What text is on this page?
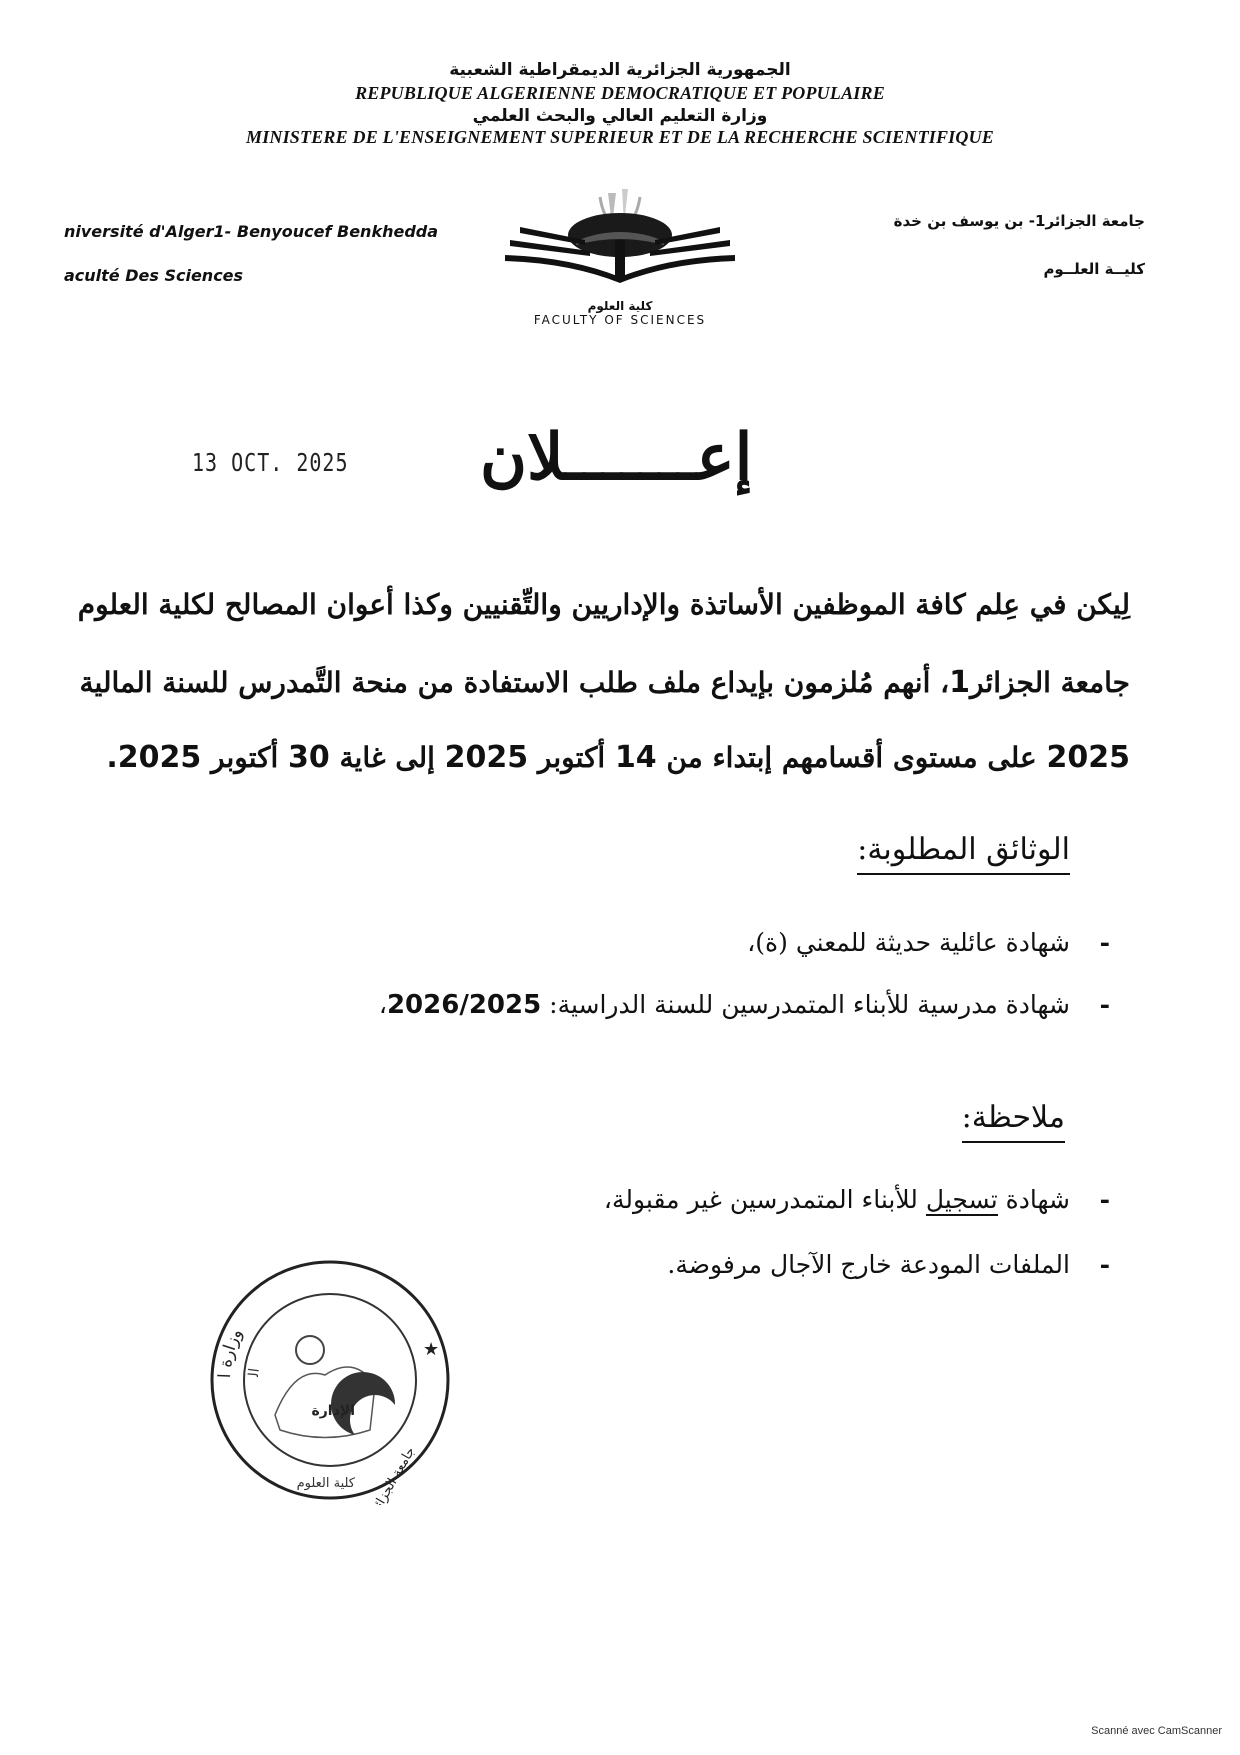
الجمهورية الجزائرية الديمقراطية الشعبية
REPUBLIQUE ALGERIENNE DEMOCRATIQUE ET POPULAIRE
وزارة التعليم العالي والبحث العلمي
MINISTERE DE L'ENSEIGNEMENT SUPERIEUR ET DE LA RECHERCHE SCIENTIFIQUE
niversité d'Alger1- Benyoucef Benkhedda
aculté Des Sciences
جامعة الجزائر1- بن يوسف بن خدة
كليــة العلــوم
كلية العلوم
FACULTY OF SCIENCES
13 OCT. 2025 إعـــــــلان
لِيكن في عِلم كافة الموظفين الأساتذة والإداريين والتِّقنيين وكذا أعوان المصالح لكلية العلوم
جامعة الجزائر1، أنهم مُلزمون بإيداع ملف طلب الاستفادة من منحة التَّمدرس للسنة المالية
2025 على مستوى أقسامهم إبتداء من 14 أكتوبر 2025 إلى غاية 30 أكتوبر 2025.
الوثائق المطلوبة:
-شهادة عائلية حديثة للمعني (ة)،
-شهادة مدرسية للأبناء المتمدرسين للسنة الدراسية: 2026/2025،
ملاحظة:
-شهادة تسجيل للأبناء المتمدرسين غير مقبولة،
-الملفات المودعة خارج الآجال مرفوضة.
وزارة ا
ال
★
الإدارة
كلية العلوم جامعة الجزائر
Scanné avec CamScanner
